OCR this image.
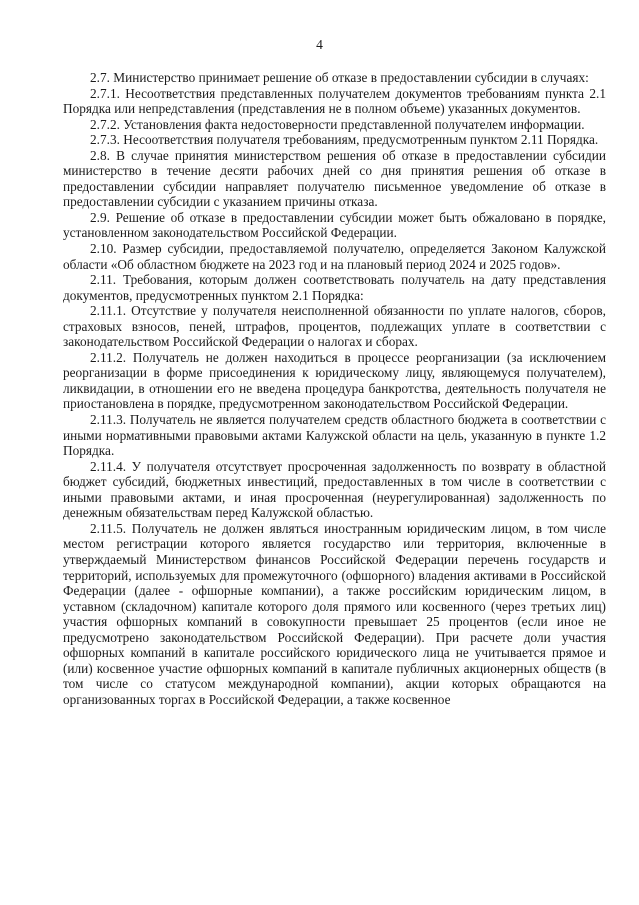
4

2.7. Министерство принимает решение об отказе в предоставлении субсидии в случаях:

2.7.1. Несоответствия представленных получателем документов требованиям пункта 2.1 Порядка или непредставления (представления не в полном объеме) указанных документов.

2.7.2. Установления факта недостоверности представленной получателем информации.

2.7.3. Несоответствия получателя требованиям, предусмотренным пунктом 2.11 Порядка.

2.8. В случае принятия министерством решения об отказе в предоставлении субсидии министерство в течение десяти рабочих дней со дня принятия решения об отказе в предоставлении субсидии направляет получателю письменное уведомление об отказе в предоставлении субсидии с указанием причины отказа.

2.9. Решение об отказе в предоставлении субсидии может быть обжаловано в порядке, установленном законодательством Российской Федерации.

2.10. Размер субсидии, предоставляемой получателю, определяется Законом Калужской области «Об областном бюджете на 2023 год и на плановый период 2024 и 2025 годов».

2.11. Требования, которым должен соответствовать получатель на дату представления документов, предусмотренных пунктом 2.1 Порядка:

2.11.1. Отсутствие у получателя неисполненной обязанности по уплате налогов, сборов, страховых взносов, пеней, штрафов, процентов, подлежащих уплате в соответствии с законодательством Российской Федерации о налогах и сборах.

2.11.2. Получатель не должен находиться в процессе реорганизации (за исключением реорганизации в форме присоединения к юридическому лицу, являющемуся получателем), ликвидации, в отношении его не введена процедура банкротства, деятельность получателя не приостановлена в порядке, предусмотренном законодательством Российской Федерации.

2.11.3. Получатель не является получателем средств областного бюджета в соответствии с иными нормативными правовыми актами Калужской области на цель, указанную в пункте 1.2 Порядка.

2.11.4. У получателя отсутствует просроченная задолженность по возврату в областной бюджет субсидий, бюджетных инвестиций, предоставленных в том числе в соответствии с иными правовыми актами, и иная просроченная (неурегулированная) задолженность по денежным обязательствам перед Калужской областью.

2.11.5. Получатель не должен являться иностранным юридическим лицом, в том числе местом регистрации которого является государство или территория, включенные в утверждаемый Министерством финансов Российской Федерации перечень государств и территорий, используемых для промежуточного (офшорного) владения активами в Российской Федерации (далее - офшорные компании), а также российским юридическим лицом, в уставном (складочном) капитале которого доля прямого или косвенного (через третьих лиц) участия офшорных компаний в совокупности превышает 25 процентов (если иное не предусмотрено законодательством Российской Федерации). При расчете доли участия офшорных компаний в капитале российского юридического лица не учитывается прямое и (или) косвенное участие офшорных компаний в капитале публичных акционерных обществ (в том числе со статусом международной компании), акции которых обращаются на организованных торгах в Российской Федерации, а также косвенное
